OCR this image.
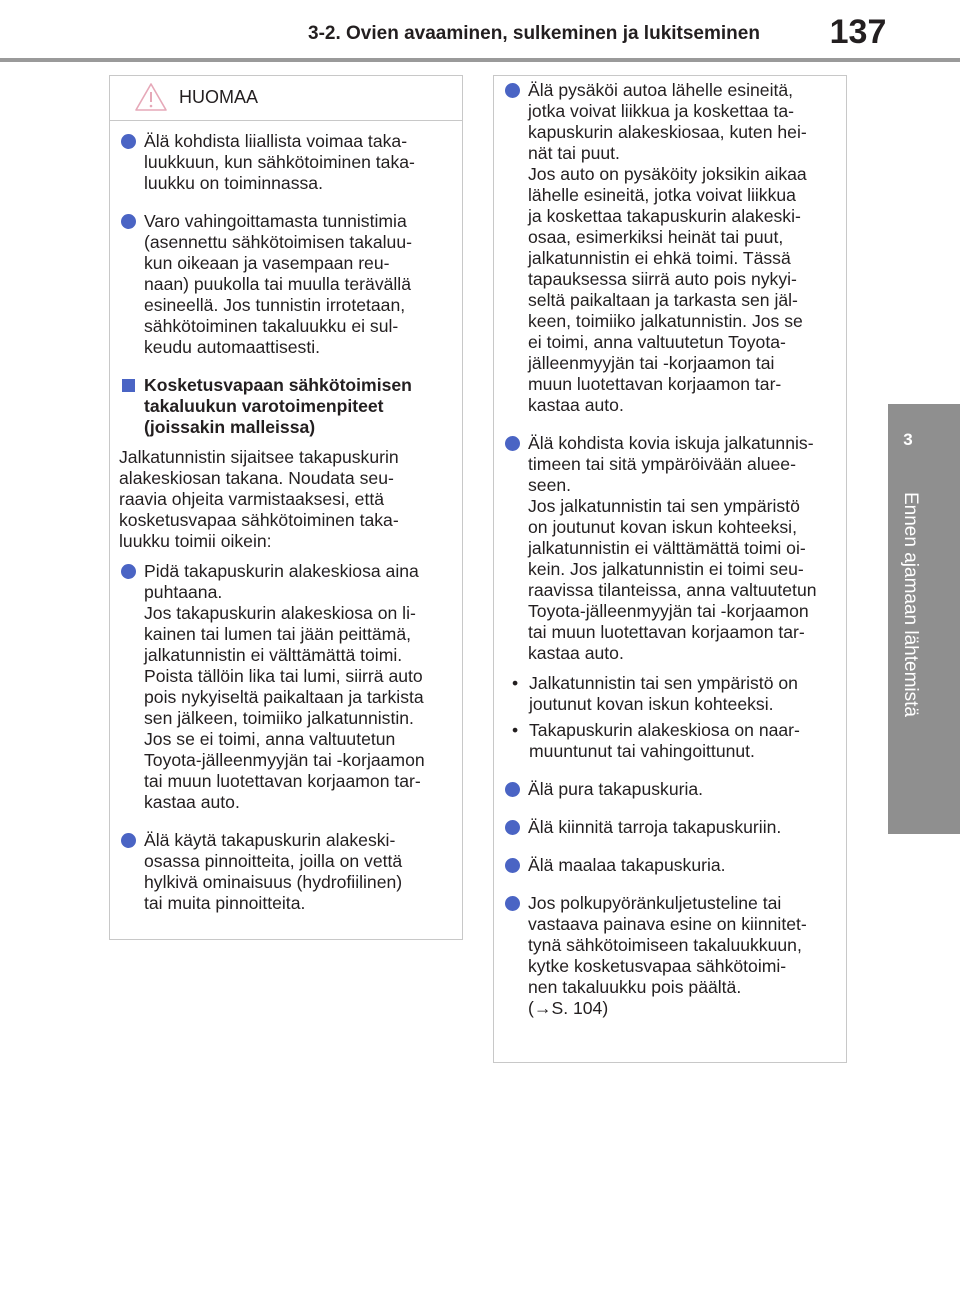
3-2. Ovien avaaminen, sulkeminen ja lukitseminen	137
3
Ennen ajamaan lähtemistä
HUOMAA
Älä kohdista liiallista voimaa taka-
luukkuun, kun sähkötoiminen taka-
luukku on toiminnassa.
Varo vahingoittamasta tunnistimia
(asennettu sähkötoimisen takaluu-
kun oikeaan ja vasempaan reu-
naan) puukolla tai muulla terävällä
esineellä. Jos tunnistin irrotetaan,
sähkötoiminen takaluukku ei sul-
keudu automaattisesti.
Kosketusvapaan sähkötoimisen
takaluukun varotoimenpiteet
(joissakin malleissa)
Jalkatunnistin sijaitsee takapuskurin
alakeskiosan takana. Noudata seu-
raavia ohjeita varmistaaksesi, että
kosketusvapaa sähkötoiminen taka-
luukku toimii oikein:
Pidä takapuskurin alakeskiosa aina
puhtaana.
Jos takapuskurin alakeskiosa on li-
kainen tai lumen tai jään peittämä,
jalkatunnistin ei välttämättä toimi.
Poista tällöin lika tai lumi, siirrä auto
pois nykyiseltä paikaltaan ja tarkista
sen jälkeen, toimiiko jalkatunnistin.
Jos se ei toimi, anna valtuutetun
Toyota-jälleenmyyjän tai -korjaamon
tai muun luotettavan korjaamon tar-
kastaa auto.
Älä käytä takapuskurin alakeski-
osassa pinnoitteita, joilla on vettä
hylkivä ominaisuus (hydrofiilinen)
tai muita pinnoitteita.
Älä pysäköi autoa lähelle esineitä,
jotka voivat liikkua ja koskettaa ta-
kapuskurin alakeskiosaa, kuten hei-
nät tai puut.
Jos auto on pysäköity joksikin aikaa
lähelle esineitä, jotka voivat liikkua
ja koskettaa takapuskurin alakeski-
osaa, esimerkiksi heinät tai puut,
jalkatunnistin ei ehkä toimi. Tässä
tapauksessa siirrä auto pois nykyi-
seltä paikaltaan ja tarkasta sen jäl-
keen, toimiiko jalkatunnistin. Jos se
ei toimi, anna valtuutetun Toyota-
jälleenmyyjän tai -korjaamon tai
muun luotettavan korjaamon tar-
kastaa auto.
Älä kohdista kovia iskuja jalkatunnis-
timeen tai sitä ympäröivään aluee-
seen.
Jos jalkatunnistin tai sen ympäristö
on joutunut kovan iskun kohteeksi,
jalkatunnistin ei välttämättä toimi oi-
kein. Jos jalkatunnistin ei toimi seu-
raavissa tilanteissa, anna valtuutetun
Toyota-jälleenmyyjän tai -korjaamon
tai muun luotettavan korjaamon tar-
kastaa auto.
• Jalkatunnistin tai sen ympäristö on
joutunut kovan iskun kohteeksi.
• Takapuskurin alakeskiosa on naar-
muuntunut tai vahingoittunut.
Älä pura takapuskuria.
Älä kiinnitä tarroja takapuskuriin.
Älä maalaa takapuskuria.
Jos polkupyöränkuljetusteline tai
vastaava painava esine on kiinnitet-
tynä sähkötoimiseen takaluukkuun,
kytke kosketusvapaa sähkötoimi-
nen takaluukku pois päältä.
(→S. 104)
